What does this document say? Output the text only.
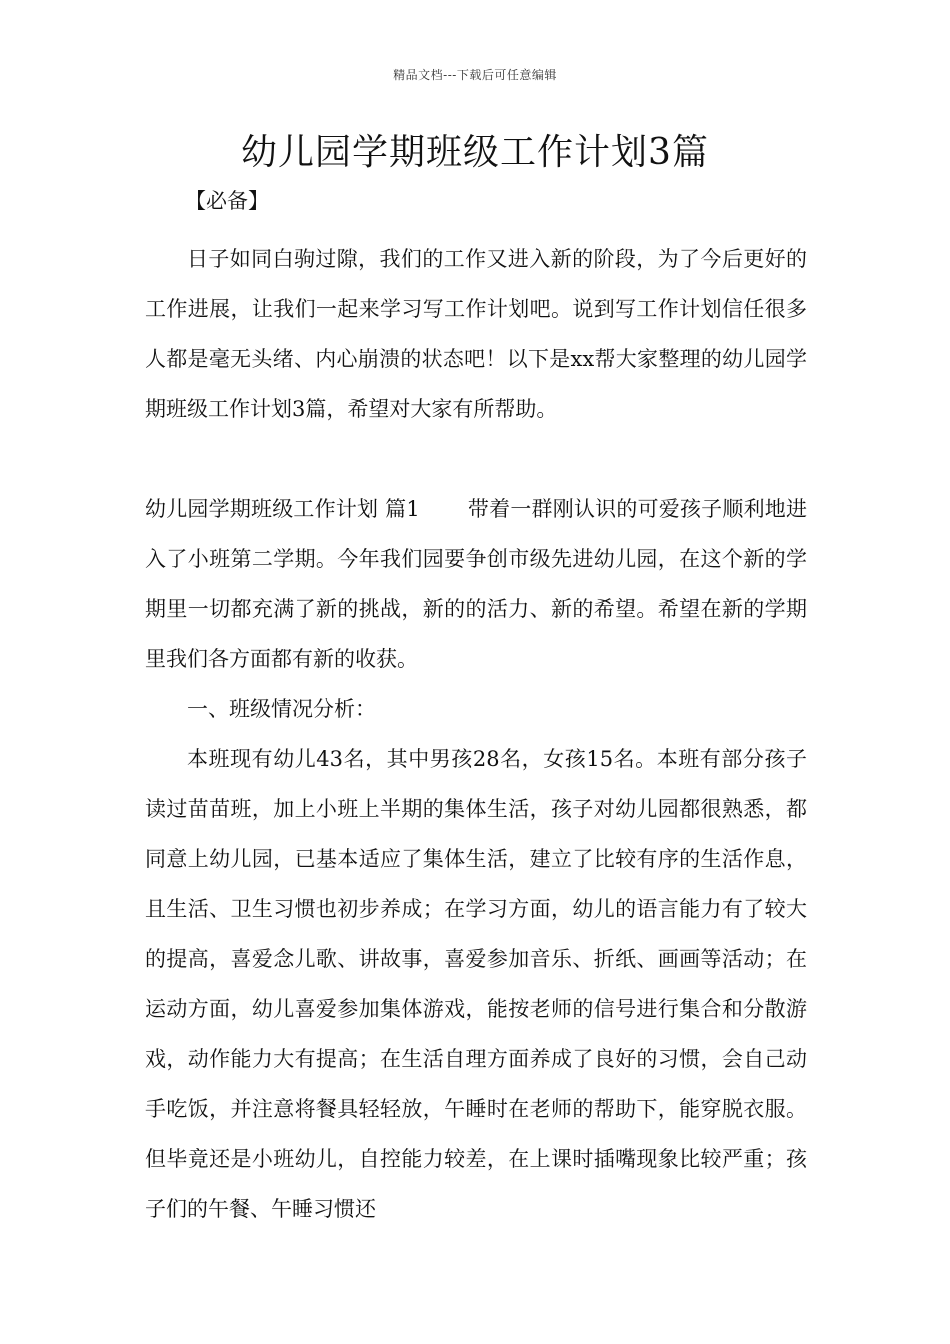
精品文档---下载后可任意编辑
幼儿园学期班级工作计划3篇
【必备】

日子如同白驹过隙，我们的工作又进入新的阶段，为了今后更好的工作进展，让我们一起来学习写工作计划吧。说到写工作计划信任很多人都是毫无头绪、内心崩溃的状态吧！以下是xx帮大家整理的幼儿园学期班级工作计划3篇，希望对大家有所帮助。

幼儿园学期班级工作计划 篇1 带着一群刚认识的可爱孩子顺利地进入了小班第二学期。今年我们园要争创市级先进幼儿园，在这个新的学期里一切都充满了新的挑战，新的的活力、新的希望。希望在新的学期里我们各方面都有新的收获。

一、班级情况分析：

本班现有幼儿43名，其中男孩28名，女孩15名。本班有部分孩子读过苗苗班，加上小班上半期的集体生活，孩子对幼儿园都很熟悉，都同意上幼儿园，已基本适应了集体生活，建立了比较有序的生活作息，且生活、卫生习惯也初步养成；在学习方面，幼儿的语言能力有了较大的提高，喜爱念儿歌、讲故事，喜爱参加音乐、折纸、画画等活动；在运动方面，幼儿喜爱参加集体游戏，能按老师的信号进行集合和分散游戏，动作能力大有提高；在生活自理方面养成了良好的习惯，会自己动手吃饭，并注意将餐具轻轻放，午睡时在老师的帮助下，能穿脱衣服。但毕竟还是小班幼儿，自控能力较差，在上课时插嘴现象比较严重；孩子们的午餐、午睡习惯还
